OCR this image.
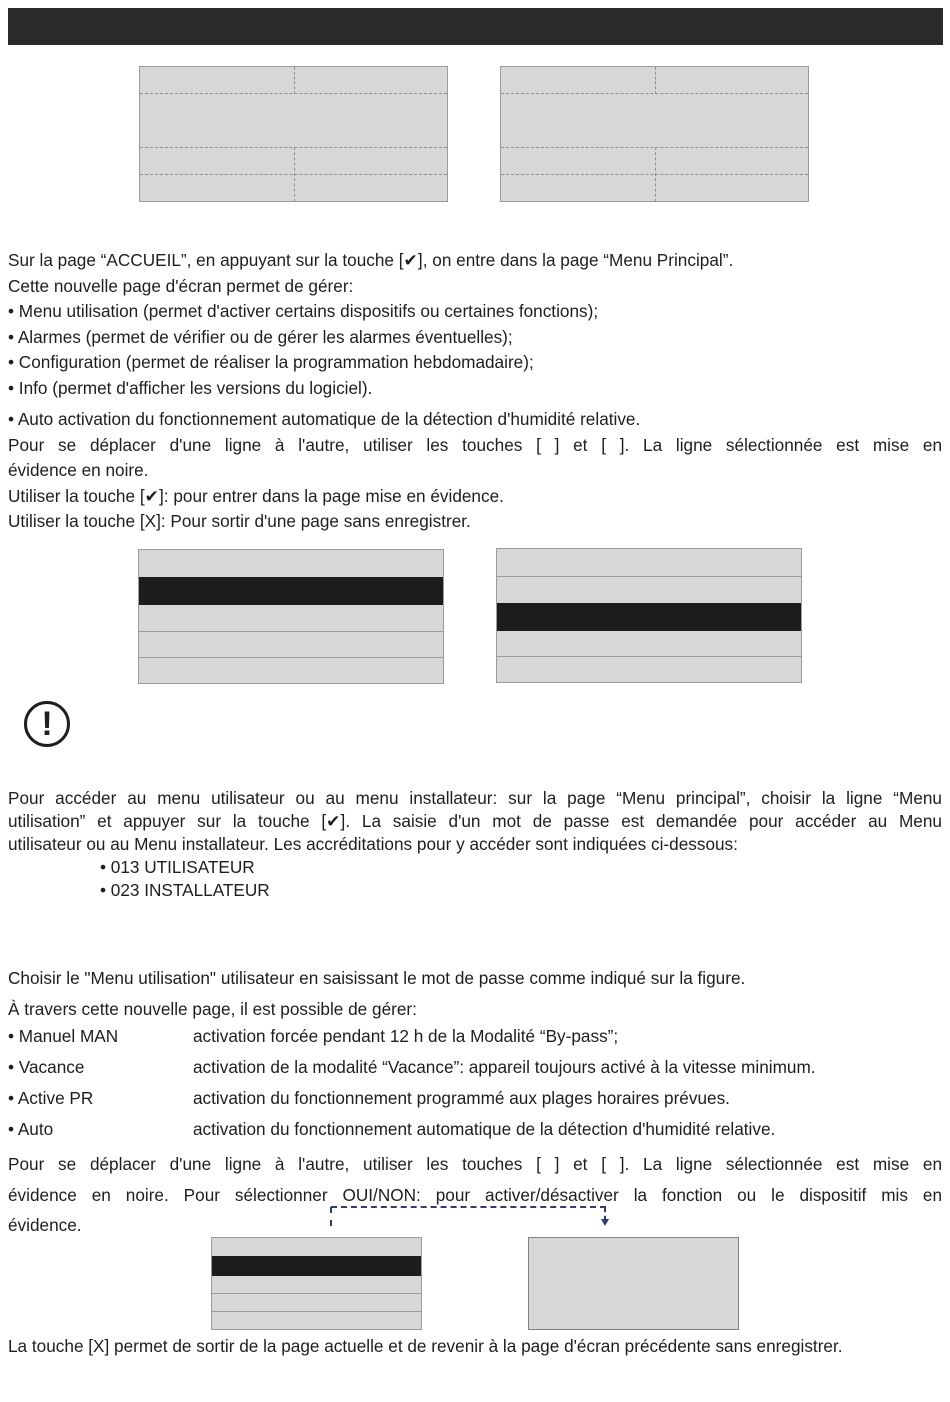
Sur la page “ACCUEIL”, en appuyant sur la touche [✔], on entre dans la page “Menu Principal”.
Cette nouvelle page d'écran permet de gérer:
• Menu utilisation (permet d'activer certains dispositifs ou certaines fonctions);
• Alarmes (permet de vérifier ou de gérer les alarmes éventuelles);
• Configuration (permet de réaliser la programmation hebdomadaire);
• Info (permet d'afficher les versions du logiciel).
• Auto activation du fonctionnement automatique de la détection d'humidité relative.
Pour se déplacer d'une ligne à l'autre, utiliser les touches [ ] et [ ]. La ligne sélectionnée est mise en
évidence en noire.
Utiliser la touche [✔]: pour entrer dans la page mise en évidence.
Utiliser la touche [X]: Pour sortir d'une page sans enregistrer.
!
Pour accéder au menu utilisateur ou au menu installateur: sur la page “Menu principal”, choisir la ligne “Menu
utilisation” et appuyer sur la touche [✔]. La saisie d'un mot de passe est demandée pour accéder au Menu
utilisateur ou au Menu installateur. Les accréditations pour y accéder sont indiquées ci-dessous:
• 013 UTILISATEUR
• 023 INSTALLATEUR
Choisir le "Menu utilisation" utilisateur en saisissant le mot de passe comme indiqué sur la figure.
À travers cette nouvelle page, il est possible de gérer:
• Manuel MAN	activation forcée pendant 12 h de la Modalité “By-pass”;
• Vacance	activation de la modalité “Vacance”: appareil toujours activé à la vitesse minimum.
• Active PR	activation du fonctionnement programmé aux plages horaires prévues.
• Auto	activation du fonctionnement automatique de la détection d'humidité relative.
Pour se déplacer d'une ligne à l'autre, utiliser les touches [ ] et [ ]. La ligne sélectionnée est mise en
évidence en noire. Pour sélectionner OUI/NON: pour activer/désactiver la fonction ou le dispositif mis en
évidence.
La touche [X] permet de sortir de la page actuelle et de revenir à la page d'écran précédente sans enregistrer.
